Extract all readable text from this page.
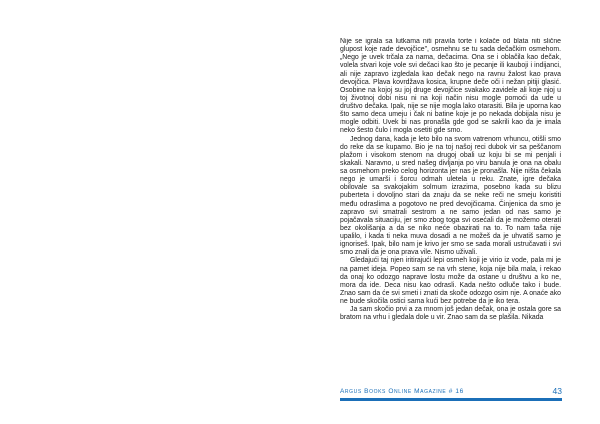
Nije se igrala sa lutkama niti pravila torte i kolače od blata niti slične glupost koje rade devojčice", osmehnu se tu sada dečačkim osmehom. „Nego je uvek trčala za nama, dečacima. Ona se i oblačila kao dečak, volela stvari koje vole svi dečaci kao što je pecanje ili kauboji i indijanci, ali nije zapravo izgledala kao dečak nego na ravnu žalost kao prava devojčica. Plava kovrdžava kosica, krupne deče oči i nežan pitiji glasić. Osobine na kojoj su joj druge devojčice svakako zavidele ali koje njoj u toj životnoj dobi nisu ni na koji način nisu mogle pomoći da ude u društvo dečaka. Ipak, nije se nije mogla lako otarasiti. Bila je uporna kao što samo deca umeju i čak ni batine koje je po nekada dobijala nisu je mogle odbiti. Uvek bi nas pronašla gde god se sakrili kao da je imala neko šesto čulo i mogla osetiti gde smo.

Jednog dana, kada je leto bilo na svom vatrenom vrhuncu, otišli smo do reke da se kupamo. Bio je na toj našoj reci dubok vir sa peščanom plažom i visokom stenom na drugoj obali uz koju bi se mi penjali i skakali. Naravno, u sred našeg divljanja po viru banula je ona na obalu sa osmehom preko celog horizonta jer nas je pronašla. Nije ništa čekala nego je umarši i šorcu odmah uletela u reku. Znate, igre dečaka obilovale sa svakojakim solmum izrazima, posebno kada su blizu puberteta i dovoljno stari da znaju da se neke reči ne smeju koristiti među odraslima a pogotovo ne pred devojčicama. Činjenica da smo je zapravo svi smatrali sestrom a ne samo jedan od nas samo je pojačavala situaciju, jer smo zbog toga svi osećali da je možemo oterati bez okolišanja a da se niko neće obazirati na to. To nam taša nije upalilo, i kada ti neka muva dosadi a ne možeš da je uhvatiš samo je ignoriseš. Ipak, bilo nam je krivo jer smo se sada morali ustručavati i svi smo znali da je ona prava vile. Nismo uživali.

Gledajući taj njen iritirajući lepi osmeh koji je virio iz vode, pala mi je na pamet ideja. Popeo sam se na vrh stene, koja nije bila mala, i rekao da onaj ko odozgo naprave lostu može da ostane u društvu a ko ne, mora da ide. Deca nisu kao odrasli. Kada nešto odluče tako i bude. Znao sam da će svi smeti i znati da skoče odozgo osim nje. A onaće ako ne bude skočila ostici sama kući bez potrebe da je iko tera.

Ja sam skočio prvi a za mnom još jedan dečak, ona je ostala gore sa bratom na vrhu i gledala dole u vir. Znao sam da se plašila. Nikada

Argus Books Online Magazine # 16	43
